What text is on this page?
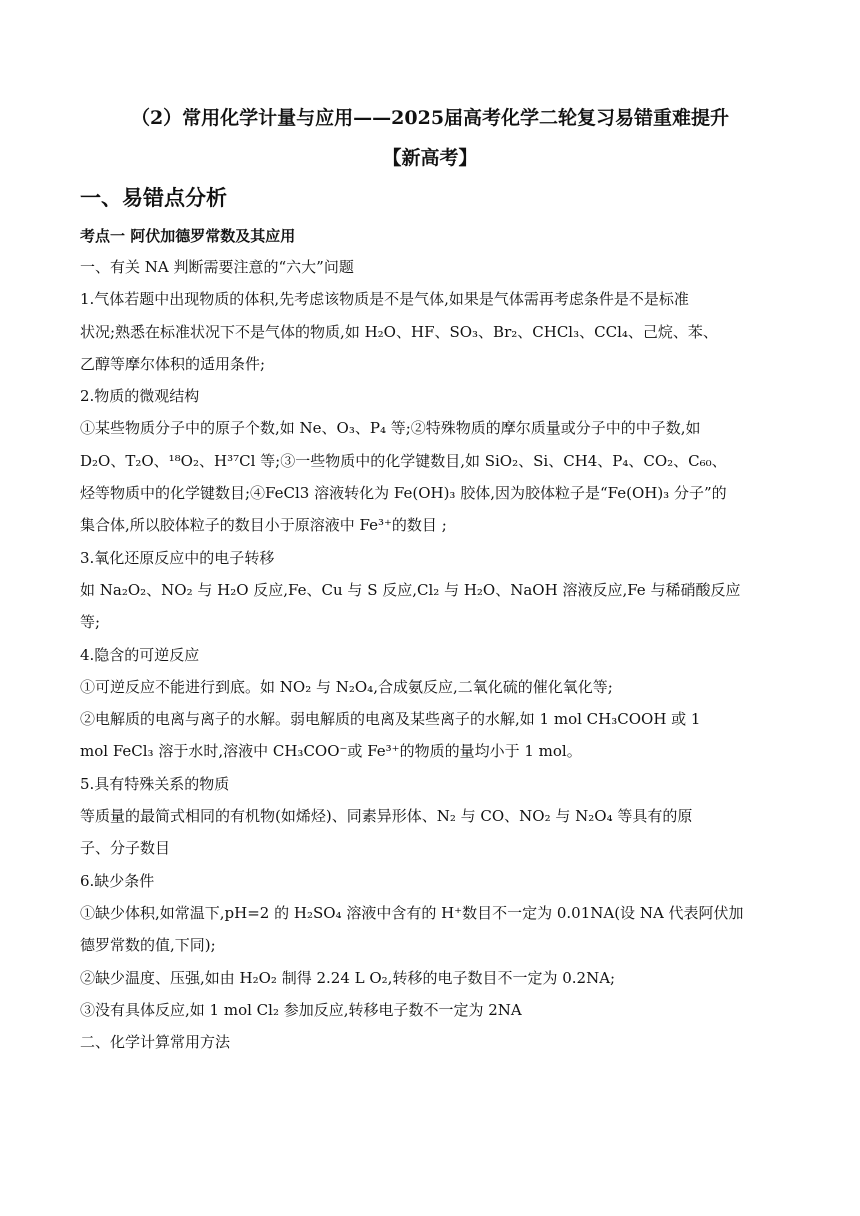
（2）常用化学计量与应用——2025届高考化学二轮复习易错重难提升

【新高考】

一、易错点分析

考点一 阿伏加德罗常数及其应用

一、有关 NA 判断需要注意的“六大”问题

1.气体若题中出现物质的体积,先考虑该物质是不是气体,如果是气体需再考虑条件是不是标准

状况;熟悉在标准状况下不是气体的物质,如 H₂O、HF、SO₃、Br₂、CHCl₃、CCl₄、己烷、苯、

乙醇等摩尔体积的适用条件;

2.物质的微观结构

①某些物质分子中的原子个数,如 Ne、O₃、P₄ 等;②特殊物质的摩尔质量或分子中的中子数,如

D₂O、T₂O、¹⁸O₂、H³⁷Cl 等;③一些物质中的化学键数目,如 SiO₂、Si、CH4、P₄、CO₂、C₆₀、

烃等物质中的化学键数目;④FeCl3 溶液转化为 Fe(OH)₃ 胶体,因为胶体粒子是“Fe(OH)₃ 分子”的

集合体,所以胶体粒子的数目小于原溶液中 Fe³⁺的数目 ;

3.氧化还原反应中的电子转移

如 Na₂O₂、NO₂ 与 H₂O 反应,Fe、Cu 与 S 反应,Cl₂ 与 H₂O、NaOH 溶液反应,Fe 与稀硝酸反应

等;

4.隐含的可逆反应

①可逆反应不能进行到底。如 NO₂ 与 N₂O₄,合成氨反应,二氧化硫的催化氧化等;

②电解质的电离与离子的水解。弱电解质的电离及某些离子的水解,如 1 mol CH₃COOH 或 1

mol FeCl₃ 溶于水时,溶液中 CH₃COO⁻或 Fe³⁺的物质的量均小于 1 mol。

5.具有特殊关系的物质

等质量的最简式相同的有机物(如烯烃)、同素异形体、N₂ 与 CO、NO₂ 与 N₂O₄ 等具有的原

子、分子数目

6.缺少条件

①缺少体积,如常温下,pH=2 的 H₂SO₄ 溶液中含有的 H⁺数目不一定为 0.01NA(设 NA 代表阿伏加

德罗常数的值,下同);

②缺少温度、压强,如由 H₂O₂ 制得 2.24 L O₂,转移的电子数目不一定为 0.2NA;

③没有具体反应,如 1 mol Cl₂ 参加反应,转移电子数不一定为 2NA

二、化学计算常用方法
